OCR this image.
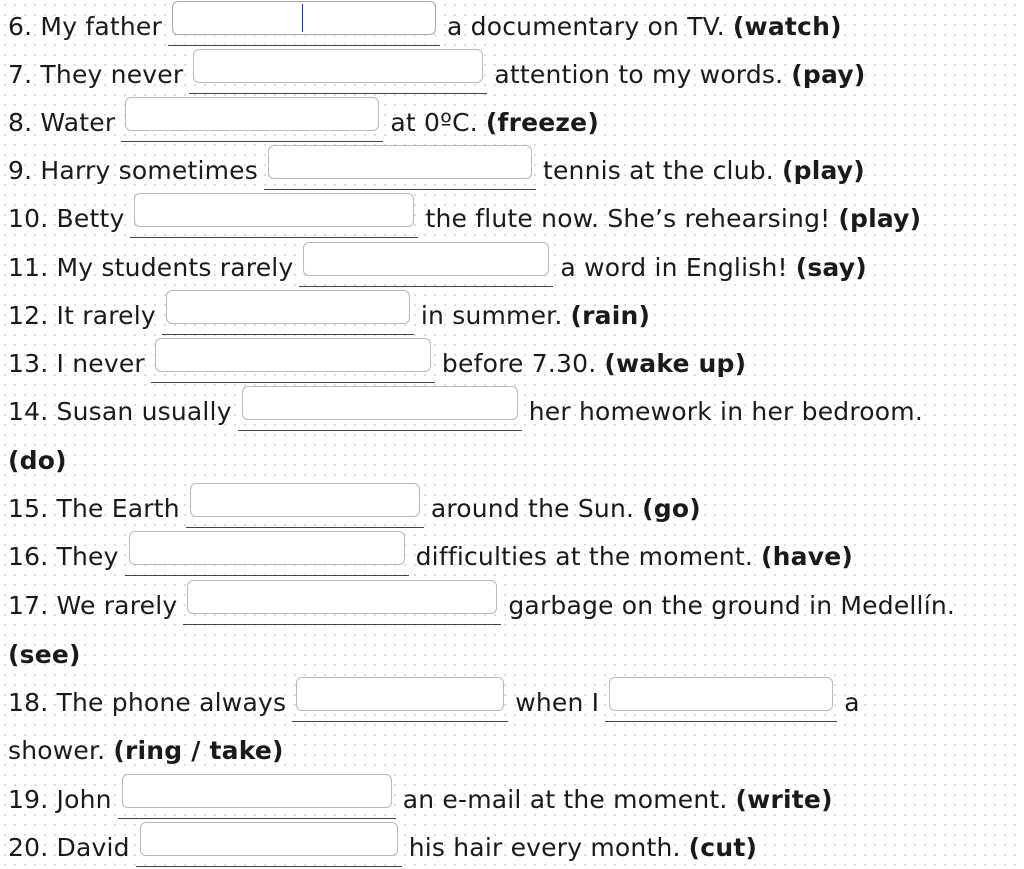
6.
My father	a documentary on TV. (watch)
7.
They never	attention to my words. (pay)
8.
Water	at 0ºC. (freeze)
9.
Harry sometimes	tennis at the club. (play)
10.
Betty	the flute now. She’s rehearsing! (play)
11.
My students rarely	a word in English! (say)
12.
It rarely	in summer. (rain)
13.
I never	before 7.30. (wake up)
14.
Susan usually	her homework in her bedroom.
(do)
15.
The Earth	around the Sun. (go)
16.
They	difficulties at the moment. (have)
17.
We rarely	garbage on the ground in Medellín.
(see)
18.
The phone always	when I	a
shower. (ring / take)
19.
John	an e-mail at the moment. (write)
20.
David	his hair every month. (cut)
